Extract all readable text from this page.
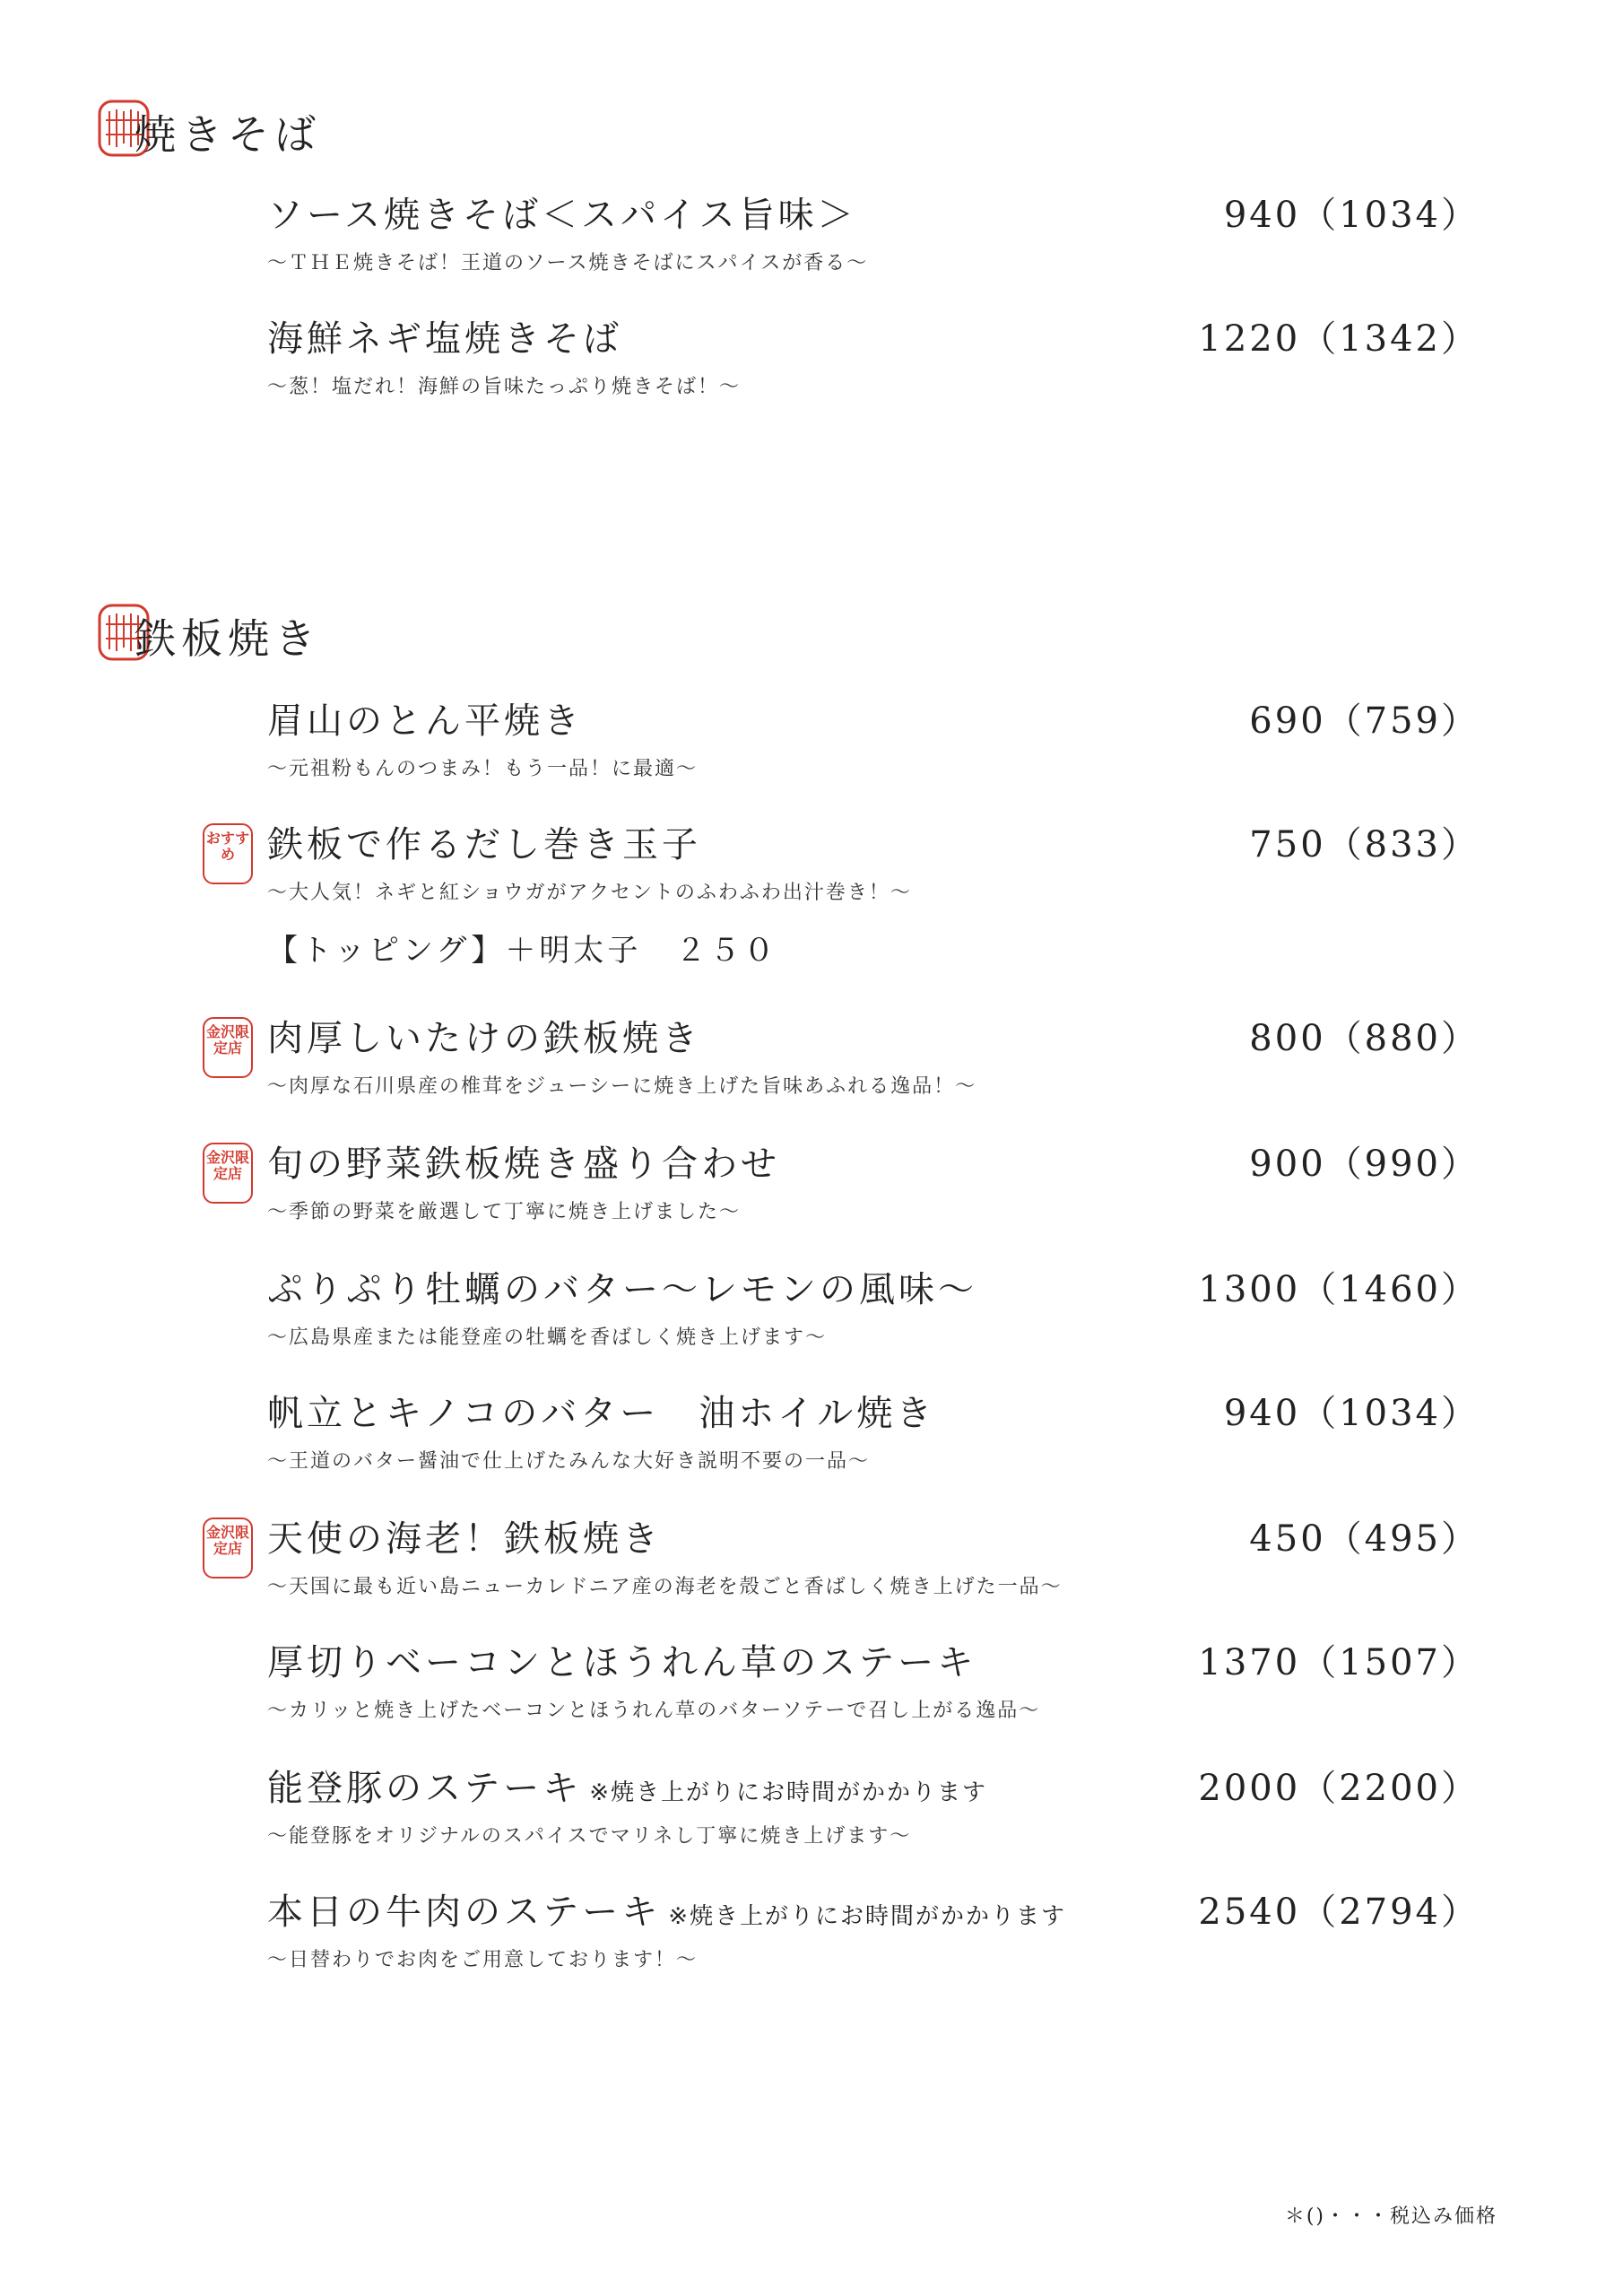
焼きそば
ソース焼きそば＜スパイス旨味＞	940（1034）
～ＴＨＥ焼きそば！王道のソース焼きそばにスパイスが香る～
海鮮ネギ塩焼きそば	1220（1342）
～葱！塩だれ！海鮮の旨味たっぷり焼きそば！～
鉄板焼き
眉山のとん平焼き	690（759）
～元祖粉もんのつまみ！もう一品！に最適～
おすすめ 鉄板で作るだし巻き玉子	750（833）
～大人気！ネギと紅ショウガがアクセントのふわふわ出汁巻き！～
【トッピング】＋明太子　２５０
金沢限定店 肉厚しいたけの鉄板焼き	800（880）
～肉厚な石川県産の椎茸をジューシーに焼き上げた旨味あふれる逸品！～
金沢限定店 旬の野菜鉄板焼き盛り合わせ	900（990）
～季節の野菜を厳選して丁寧に焼き上げました～
ぷりぷり牡蠣のバター～レモンの風味～	1300（1460）
～広島県産または能登産の牡蠣を香ばしく焼き上げます～
帆立とキノコのバター　油ホイル焼き	940（1034）
～王道のバター醤油で仕上げたみんな大好き説明不要の一品～
金沢限定店 天使の海老！鉄板焼き	450（495）
～天国に最も近い島ニューカレドニア産の海老を殻ごと香ばしく焼き上げた一品～
厚切りベーコンとほうれん草のステーキ	1370（1507）
～カリッと焼き上げたベーコンとほうれん草のバターソテーで召し上がる逸品～
能登豚のステーキ ※焼き上がりにお時間がかかります	2000（2200）
～能登豚をオリジナルのスパイスでマリネし丁寧に焼き上げます～
本日の牛肉のステーキ ※焼き上がりにお時間がかかります	2540（2794）
～日替わりでお肉をご用意しております！～
＊()・・・税込み価格
